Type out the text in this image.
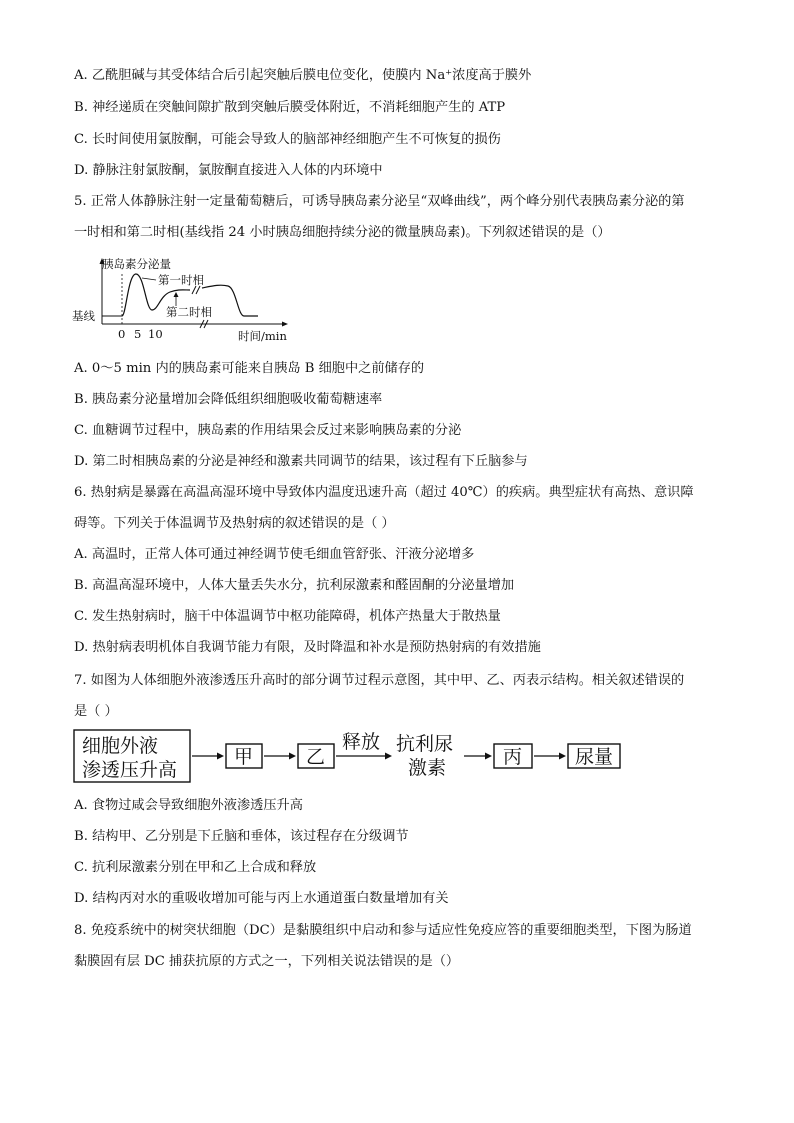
A. 乙酰胆碱与其受体结合后引起突触后膜电位变化，使膜内 Na⁺浓度高于膜外
B. 神经递质在突触间隙扩散到突触后膜受体附近，不消耗细胞产生的 ATP
C. 长时间使用氯胺酮，可能会导致人的脑部神经细胞产生不可恢复的损伤
D. 静脉注射氯胺酮，氯胺酮直接进入人体的内环境中
5. 正常人体静脉注射一定量葡萄糖后，可诱导胰岛素分泌呈“双峰曲线”，两个峰分别代表胰岛素分泌的第
一时相和第二时相(基线指 24 小时胰岛细胞持续分泌的微量胰岛素)。下列叙述错误的是（）
胰岛素分泌量
第一时相
第二时相
基线
0 5 10	时间/min
A. 0～5 min 内的胰岛素可能来自胰岛 B 细胞中之前储存的
B. 胰岛素分泌量增加会降低组织细胞吸收葡萄糖速率
C. 血糖调节过程中，胰岛素的作用结果会反过来影响胰岛素的分泌
D. 第二时相胰岛素的分泌是神经和激素共同调节的结果，该过程有下丘脑参与
6. 热射病是暴露在高温高湿环境中导致体内温度迅速升高（超过 40℃）的疾病。典型症状有高热、意识障
碍等。下列关于体温调节及热射病的叙述错误的是（ ）
A. 高温时，正常人体可通过神经调节使毛细血管舒张、汗液分泌增多
B. 高温高湿环境中，人体大量丢失水分，抗利尿激素和醛固酮的分泌量增加
C. 发生热射病时，脑干中体温调节中枢功能障碍，机体产热量大于散热量
D. 热射病表明机体自我调节能力有限，及时降温和补水是预防热射病的有效措施
7. 如图为人体细胞外液渗透压升高时的部分调节过程示意图，其中甲、乙、丙表示结构。相关叙述错误的
是（ ）
细胞外液
渗透压升高
甲	乙
释放 抗利尿
激素	丙	尿量
A. 食物过咸会导致细胞外液渗透压升高
B. 结构甲、乙分别是下丘脑和垂体，该过程存在分级调节
C. 抗利尿激素分别在甲和乙上合成和释放
D. 结构丙对水的重吸收增加可能与丙上水通道蛋白数量增加有关
8. 免疫系统中的树突状细胞（DC）是黏膜组织中启动和参与适应性免疫应答的重要细胞类型，下图为肠道
黏膜固有层 DC 捕获抗原的方式之一，下列相关说法错误的是（）
